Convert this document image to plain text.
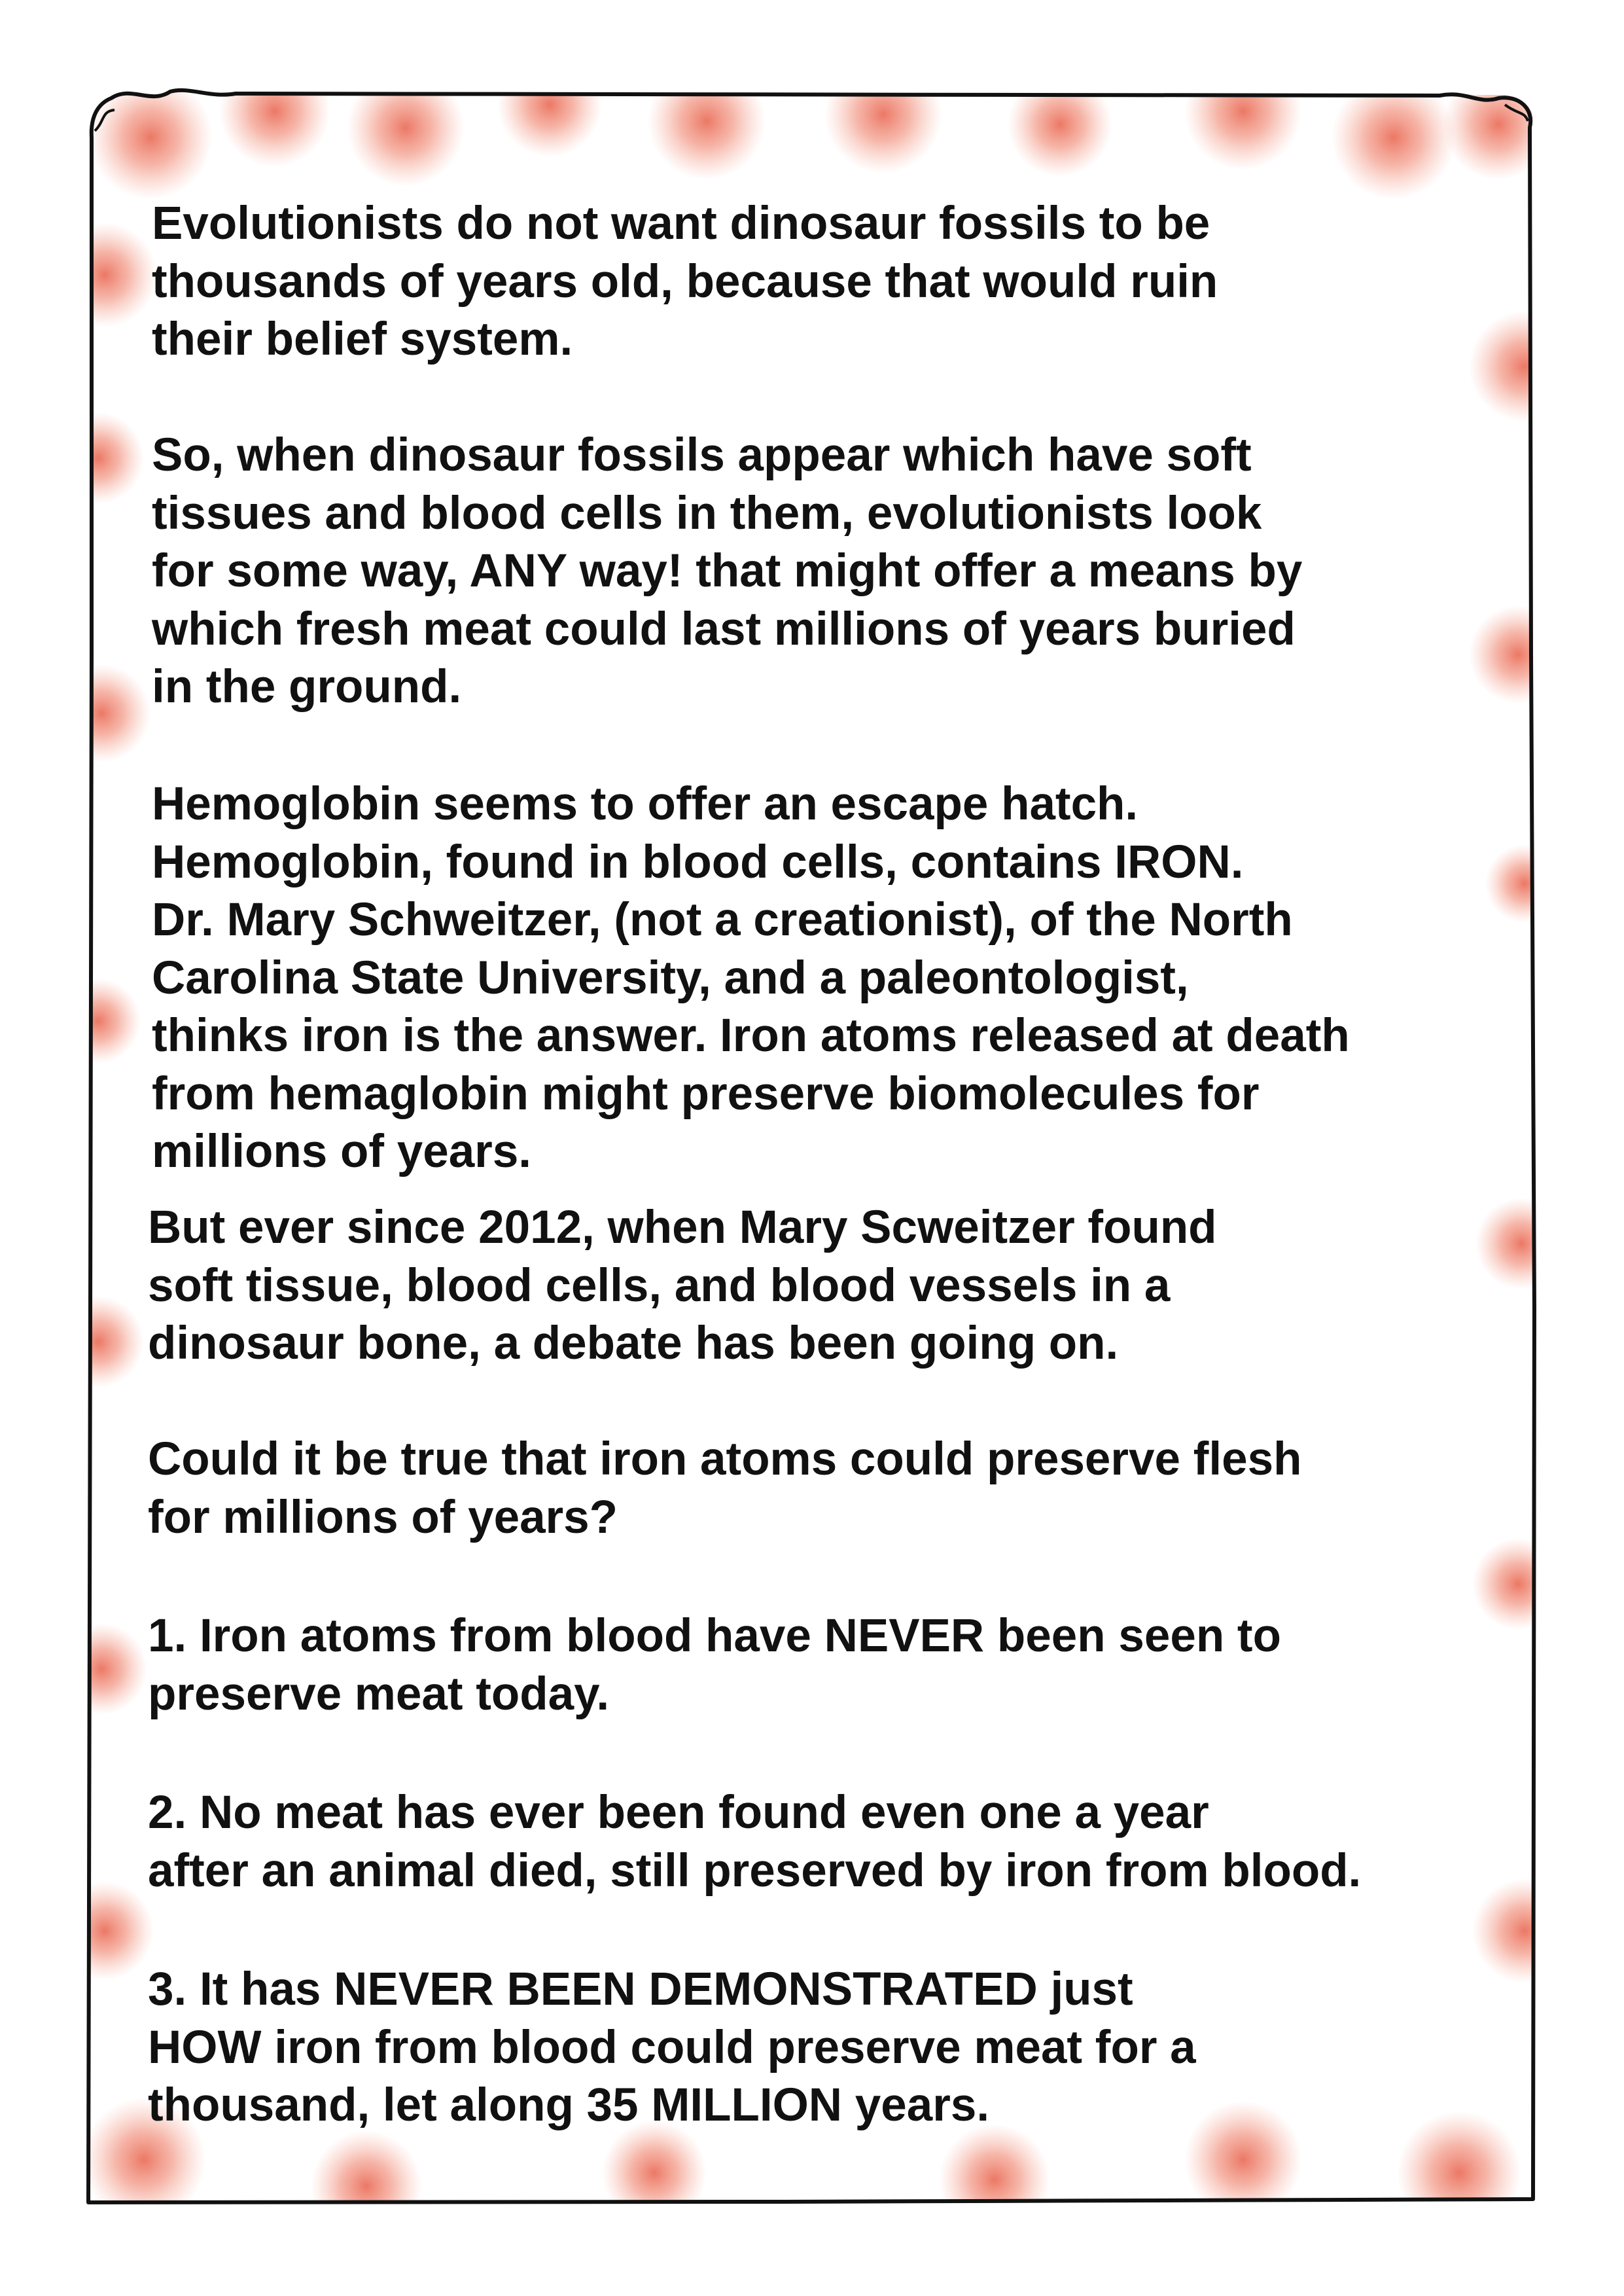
Evolutionists do not want dinosaur fossils to be
thousands of years old, because that would ruin
their belief system.

So, when dinosaur fossils appear which have soft
tissues and blood cells in them, evolutionists look
for some way, ANY way! that might offer a means by
which fresh meat could last millions of years buried
in the ground.

Hemoglobin seems to offer an escape hatch.
Hemoglobin, found in blood cells, contains IRON.
Dr. Mary Schweitzer, (not a creationist), of the North
Carolina State University, and a paleontologist,
thinks iron is the answer. Iron atoms released at death
from hemaglobin might preserve biomolecules for
millions of years.

But ever since 2012, when Mary Scweitzer found
soft tissue, blood cells, and blood vessels in a
dinosaur bone, a debate has been going on.

Could it be true that iron atoms could preserve flesh
for millions of years?

1. Iron atoms from blood have NEVER been seen to
preserve meat today.

2. No meat has ever been found even one a year
after an animal died, still preserved by iron from blood.

3. It has NEVER BEEN DEMONSTRATED just
HOW iron from blood could preserve meat for a
thousand, let along 35 MILLION years.
